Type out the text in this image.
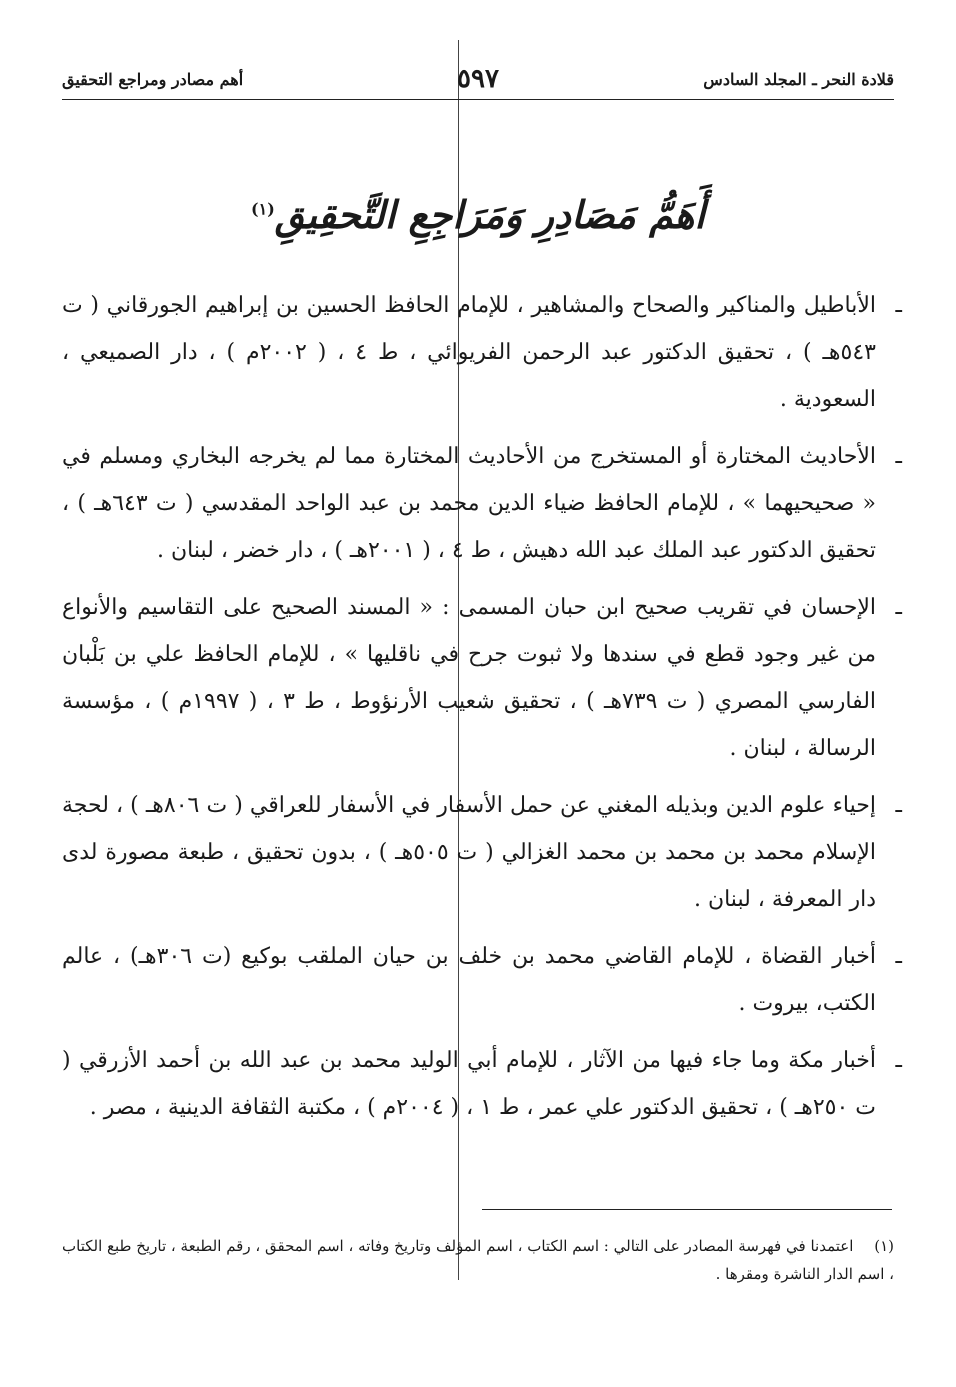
قلادة النحر ـ المجلد السادس
٥٩٧
أهم مصادر ومراجع التحقيق
أَهَمُّ مَصَادِرِ وَمَرَاجِعِ التَّحقِيقِ$^{(١)}$
ـ
الأباطيل والمناكير والصحاح والمشاهير ، للإمام الحافظ الحسين بن إبراهيم الجورقاني ( ت ٥٤٣هـ ) ، تحقيق الدكتور عبد الرحمن الفريوائي ، ط ٤ ، ( ٢٠٠٢م ) ، دار الصميعي ، السعودية .
ـ
الأحاديث المختارة أو المستخرج من الأحاديث المختارة مما لم يخرجه البخاري ومسلم في « صحيحيهما » ، للإمام الحافظ ضياء الدين محمد بن عبد الواحد المقدسي ( ت ٦٤٣هـ ) ، تحقيق الدكتور عبد الملك عبد الله دهيش ، ط ٤ ، ( ٢٠٠١هـ ) ، دار خضر ، لبنان .
ـ
الإحسان في تقريب صحيح ابن حبان المسمى : « المسند الصحيح على التقاسيم والأنواع من غير وجود قطع في سندها ولا ثبوت جرح في ناقليها » ، للإمام الحافظ علي بن بَلْبان الفارسي المصري ( ت ٧٣٩هـ ) ، تحقيق شعيب الأرنؤوط ، ط ٣ ، ( ١٩٩٧م ) ، مؤسسة الرسالة ، لبنان .
ـ
إحياء علوم الدين وبذيله المغني عن حمل الأسفار في الأسفار للعراقي ( ت ٨٠٦هـ ) ، لحجة الإسلام محمد بن محمد بن محمد الغزالي ( ت ٥٠٥هـ ) ، بدون تحقيق ، طبعة مصورة لدى دار المعرفة ، لبنان .
ـ
أخبار القضاة ، للإمام القاضي محمد بن خلف بن حيان الملقب بوكيع (ت ٣٠٦هـ) ، عالم الكتب، بيروت .
ـ
أخبار مكة وما جاء فيها من الآثار ، للإمام أبي الوليد محمد بن عبد الله بن أحمد الأزرقي ( ت ٢٥٠هـ ) ، تحقيق الدكتور علي عمر ، ط ١ ، ( ٢٠٠٤م ) ، مكتبة الثقافة الدينية ، مصر .
(١) اعتمدنا في فهرسة المصادر على التالي : اسم الكتاب ، اسم المؤلف وتاريخ وفاته ، اسم المحقق ، رقم الطبعة ، تاريخ طبع الكتاب ، اسم الدار الناشرة ومقرها .
